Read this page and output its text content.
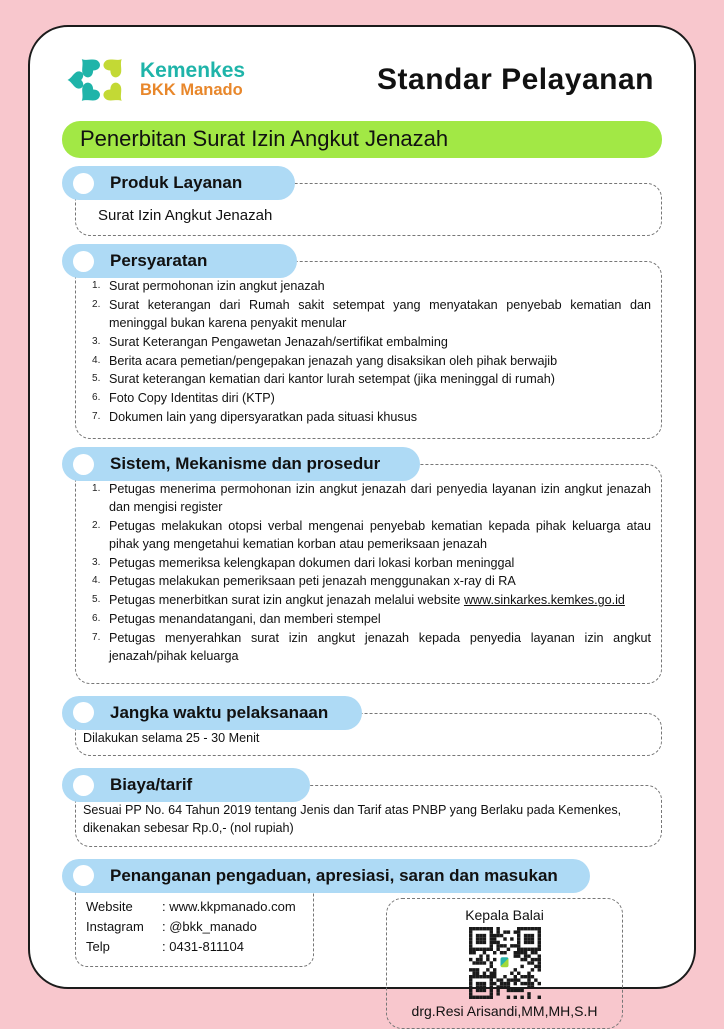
Kemenkes
BKK Manado	Standar Pelayanan
Penerbitan Surat Izin Angkut Jenazah
Produk Layanan
Surat Izin Angkut Jenazah
Persyaratan
Surat permohonan izin angkut jenazah
Surat keterangan dari Rumah sakit setempat yang menyatakan penyebab kematian dan meninggal bukan karena penyakit menular
Surat Keterangan Pengawetan Jenazah/sertifikat embalming
Berita acara pemetian/pengepakan jenazah yang disaksikan oleh pihak berwajib
Surat keterangan kematian dari kantor lurah setempat (jika meninggal di rumah)
Foto Copy Identitas diri (KTP)
Dokumen lain yang dipersyaratkan pada situasi khusus
Sistem, Mekanisme dan prosedur
Petugas menerima permohonan izin angkut jenazah dari penyedia layanan izin angkut jenazah dan mengisi register
Petugas melakukan otopsi verbal mengenai penyebab kematian kepada pihak keluarga atau pihak yang mengetahui kematian korban atau pemeriksaan jenazah
Petugas memeriksa kelengkapan dokumen dari lokasi korban meninggal
Petugas melakukan pemeriksaan peti jenazah menggunakan x-ray di RA
Petugas menerbitkan surat izin angkut jenazah melalui website www.sinkarkes.kemkes.go.id
Petugas menandatangani, dan memberi stempel
Petugas menyerahkan surat izin angkut jenazah kepada penyedia layanan izin angkut jenazah/pihak keluarga
Jangka waktu pelaksanaan
Dilakukan selama 25 - 30 Menit
Biaya/tarif
Sesuai PP No. 64 Tahun 2019 tentang Jenis dan Tarif atas PNBP yang Berlaku pada Kemenkes, dikenakan sebesar Rp.0,- (nol rupiah)
Penanganan pengaduan, apresiasi, saran dan masukan
Website	: www.kkpmanado.com
Instagram	: @bkk_manado
Telp	: 0431-811104
Kepala Balai
drg.Resi Arisandi,MM,MH,S.H
